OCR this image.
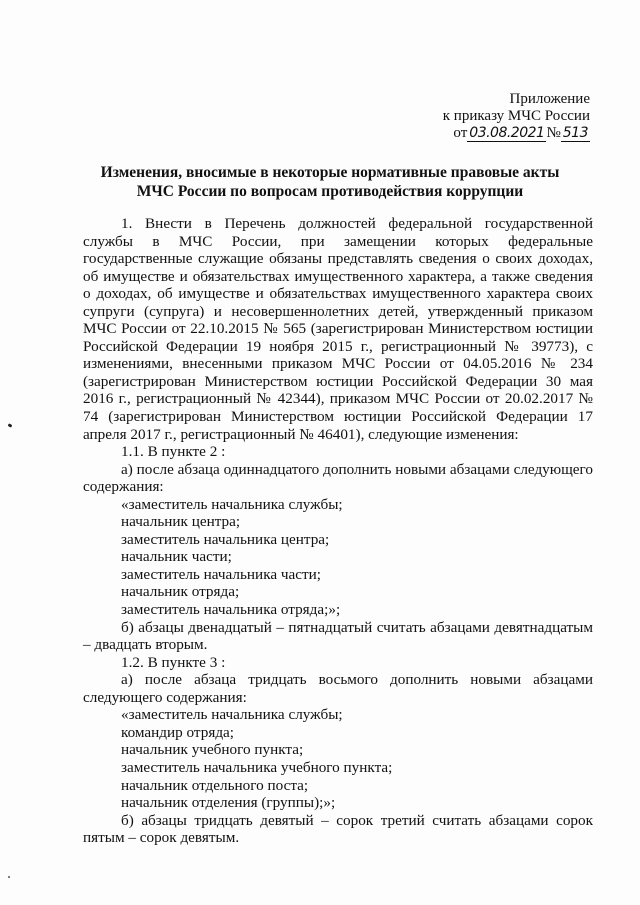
Приложение
к приказу МЧС России
от 03.08.2021 № 513
Изменения, вносимые в некоторые нормативные правовые акты
МЧС России по вопросам противодействия коррупции

1. Внести в Перечень должностей федеральной государственной службы в МЧС России, при замещении которых федеральные государственные служащие обязаны представлять сведения о своих доходах, об имуществе и обязательствах имущественного характера, а также сведения о доходах, об имуществе и обязательствах имущественного характера своих супруги (супруга) и несовершеннолетних детей, утвержденный приказом МЧС России от 22.10.2015 № 565 (зарегистрирован Министерством юстиции Российской Федерации 19 ноября 2015 г., регистрационный № 39773), с изменениями, внесенными приказом МЧС России от 04.05.2016 № 234 (зарегистрирован Министерством юстиции Российской Федерации 30 мая 2016 г., регистрационный № 42344), приказом МЧС России от 20.02.2017 № 74 (зарегистрирован Министерством юстиции Российской Федерации 17 апреля 2017 г., регистрационный № 46401), следующие изменения:

1.1. В пункте 2 :

а) после абзаца одиннадцатого дополнить новыми абзацами следующего содержания:

«заместитель начальника службы;

начальник центра;

заместитель начальника центра;

начальник части;

заместитель начальника части;

начальник отряда;

заместитель начальника отряда;»;

б) абзацы двенадцатый – пятнадцатый считать абзацами девятнадцатым – двадцать вторым.

1.2. В пункте 3 :

а) после абзаца тридцать восьмого дополнить новыми абзацами следующего содержания:

«заместитель начальника службы;

командир отряда;

начальник учебного пункта;

заместитель начальника учебного пункта;

начальник отдельного поста;

начальник отделения (группы);»;

б) абзацы тридцать девятый – сорок третий считать абзацами сорок пятым – сорок девятым.
